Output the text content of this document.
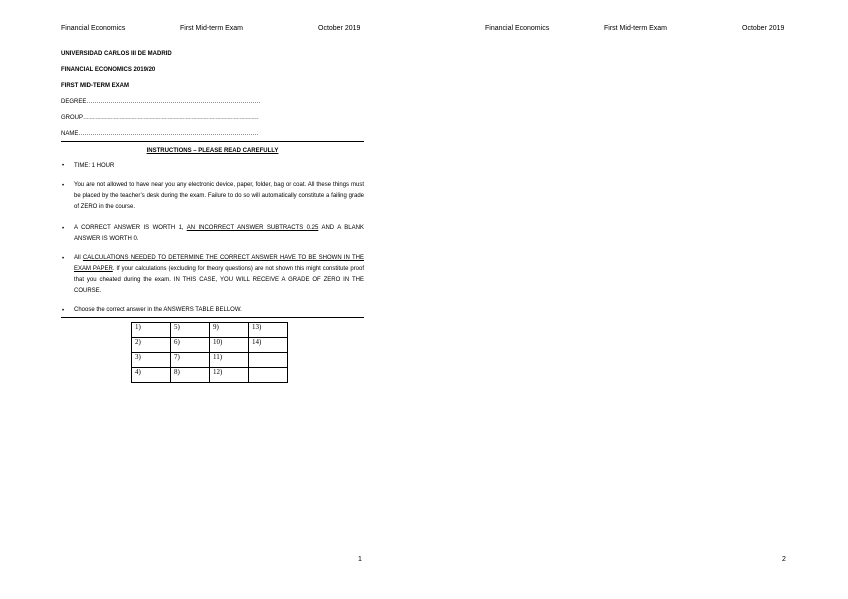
Financial Economics	First Mid-term Exam	October 2019
UNIVERSIDAD CARLOS III DE MADRID
FINANCIAL ECONOMICS 2019/20
FIRST MID-TERM EXAM
DEGREE……………………………………………………………………………
GROUP…………………………………………………………………………….
NAME………………………………………………………………………………
INSTRUCTIONS – PLEASE READ CAREFULLY
• TIME: 1 HOUR
• You are not allowed to have near you any electronic device, paper, folder, bag or coat. All these things must be placed by the teacher’s desk during the exam. Failure to do so will automatically constitute a failing grade of ZERO in the course.
• A CORRECT ANSWER IS WORTH 1, AN INCORRECT ANSWER SUBTRACTS 0.25 AND A BLANK ANSWER IS WORTH 0.
• All CALCULATIONS NEEDED TO DETERMINE THE CORRECT ANSWER HAVE TO BE SHOWN IN THE EXAM PAPER. If your calculations (excluding for theory questions) are not shown this might constitute proof that you cheated during the exam. IN THIS CASE, YOU WILL RECEIVE A GRADE OF ZERO IN THE COURSE.
• Choose the correct answer in the ANSWERS TABLE BELLOW.
1)	5)	9)	13)
2)	6)	10)	14)
3)	7)	11)	
4)	8)	12)	
1
Financial Economics	First Mid-term Exam	October 2019
2
